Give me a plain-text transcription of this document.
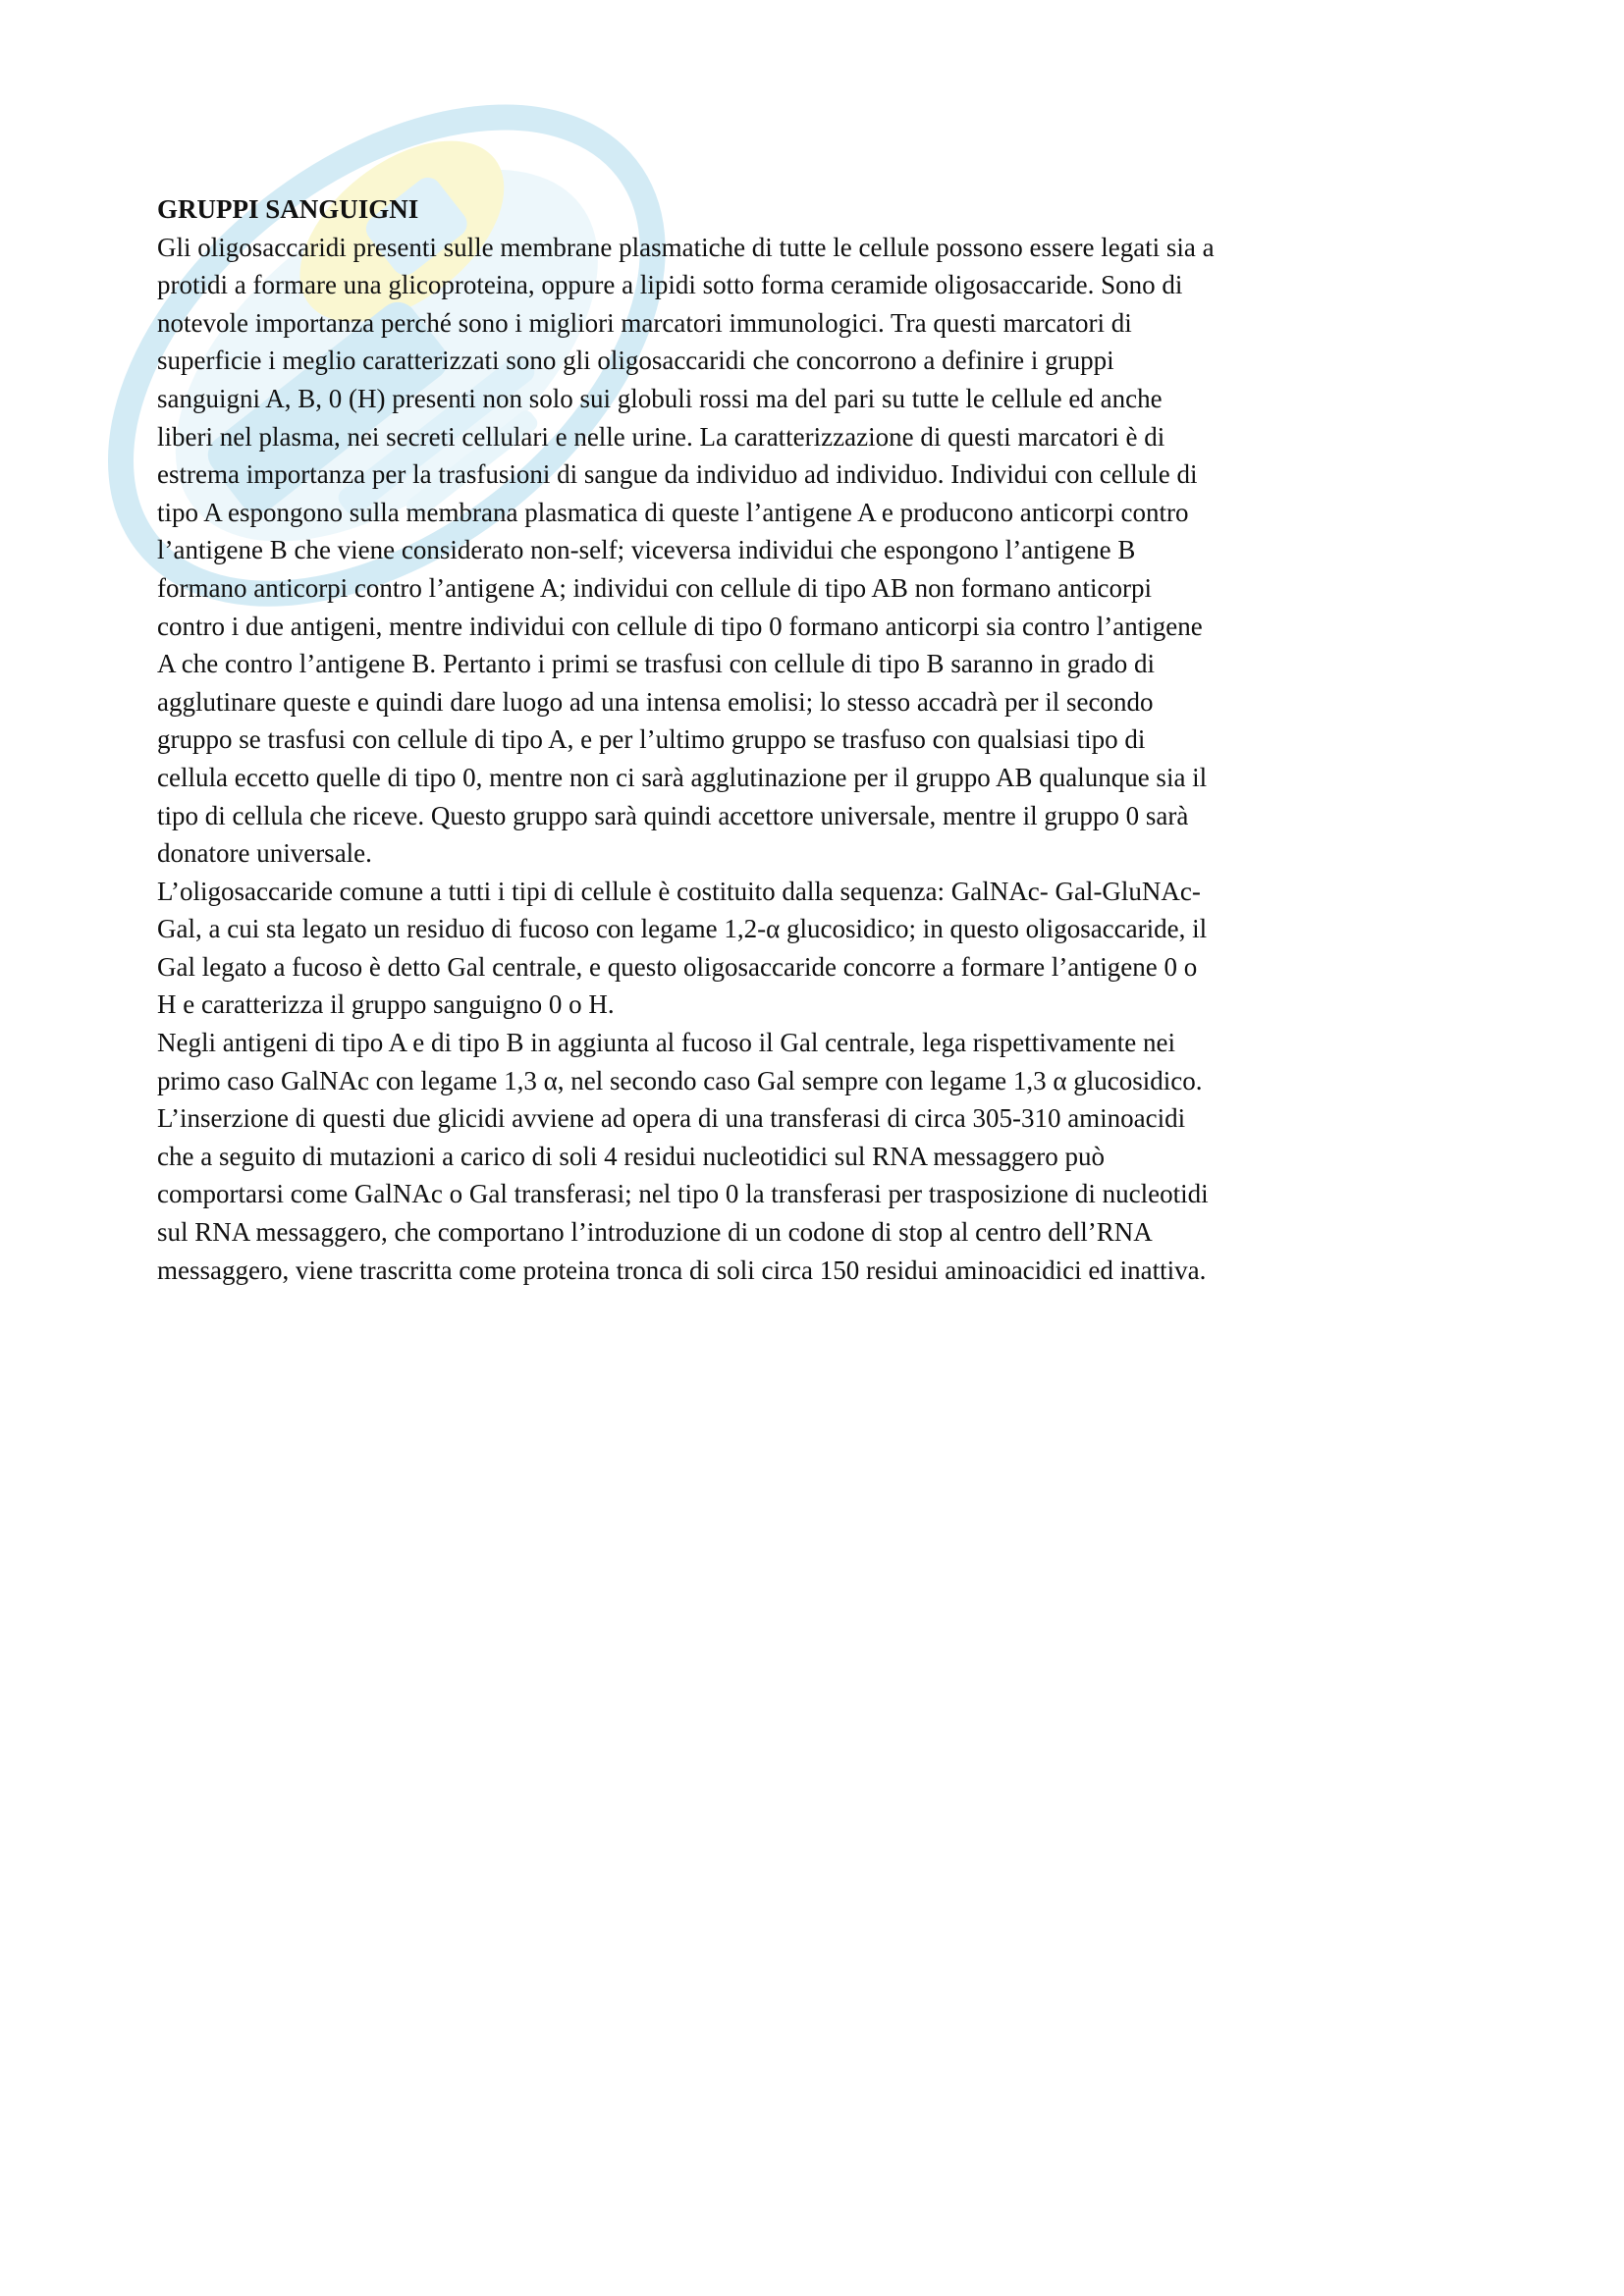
GRUPPI SANGUIGNI
Gli oligosaccaridi presenti sulle membrane plasmatiche di tutte le cellule possono essere legati sia a
protidi a formare una glicoproteina, oppure a lipidi sotto forma ceramide oligosaccaride. Sono di
notevole importanza perché sono i migliori marcatori immunologici. Tra questi marcatori di
superficie i meglio caratterizzati sono gli oligosaccaridi che concorrono a definire i gruppi
sanguigni A, B, 0 (H) presenti non solo sui globuli rossi ma del pari su tutte le cellule ed anche
liberi nel plasma, nei secreti cellulari e nelle urine. La caratterizzazione di questi marcatori è di
estrema importanza per la trasfusioni di sangue da individuo ad individuo. Individui con cellule di
tipo A espongono sulla membrana plasmatica di queste l’antigene A e producono anticorpi contro
l’antigene B che viene considerato non-self; viceversa individui che espongono l’antigene B
formano anticorpi contro l’antigene A; individui con cellule di tipo AB non formano anticorpi
contro i due antigeni, mentre individui con cellule di tipo 0 formano anticorpi sia contro l’antigene
A che contro l’antigene B. Pertanto i primi se trasfusi con cellule di tipo B saranno in grado di
agglutinare queste e quindi dare luogo ad una intensa emolisi; lo stesso accadrà per il secondo
gruppo se trasfusi con cellule di tipo A, e per l’ultimo gruppo se trasfuso con qualsiasi tipo di
cellula eccetto quelle di tipo 0, mentre non ci sarà agglutinazione per il gruppo AB qualunque sia il
tipo di cellula che riceve. Questo gruppo sarà quindi accettore universale, mentre il gruppo 0 sarà
donatore universale.
L’oligosaccaride comune a tutti i tipi di cellule è costituito dalla sequenza: GalNAc- Gal-GluNAc-
Gal, a cui sta legato un residuo di fucoso con legame 1,2-α glucosidico; in questo oligosaccaride, il
Gal legato a fucoso è detto Gal centrale, e questo oligosaccaride concorre a formare l’antigene 0 o
H e caratterizza il gruppo sanguigno 0 o H.
Negli antigeni di tipo A e di tipo B in aggiunta al fucoso il Gal centrale, lega rispettivamente nei
primo caso GalNAc con legame 1,3 α, nel secondo caso Gal sempre con legame 1,3 α glucosidico.
L’inserzione di questi due glicidi avviene ad opera di una transferasi di circa 305-310 aminoacidi
che a seguito di mutazioni a carico di soli 4 residui nucleotidici sul RNA messaggero può
comportarsi come GalNAc o Gal transferasi; nel tipo 0 la transferasi per trasposizione di nucleotidi
sul RNA messaggero, che comportano l’introduzione di un codone di stop al centro dell’RNA
messaggero, viene trascritta come proteina tronca di soli circa 150 residui aminoacidici ed inattiva.
